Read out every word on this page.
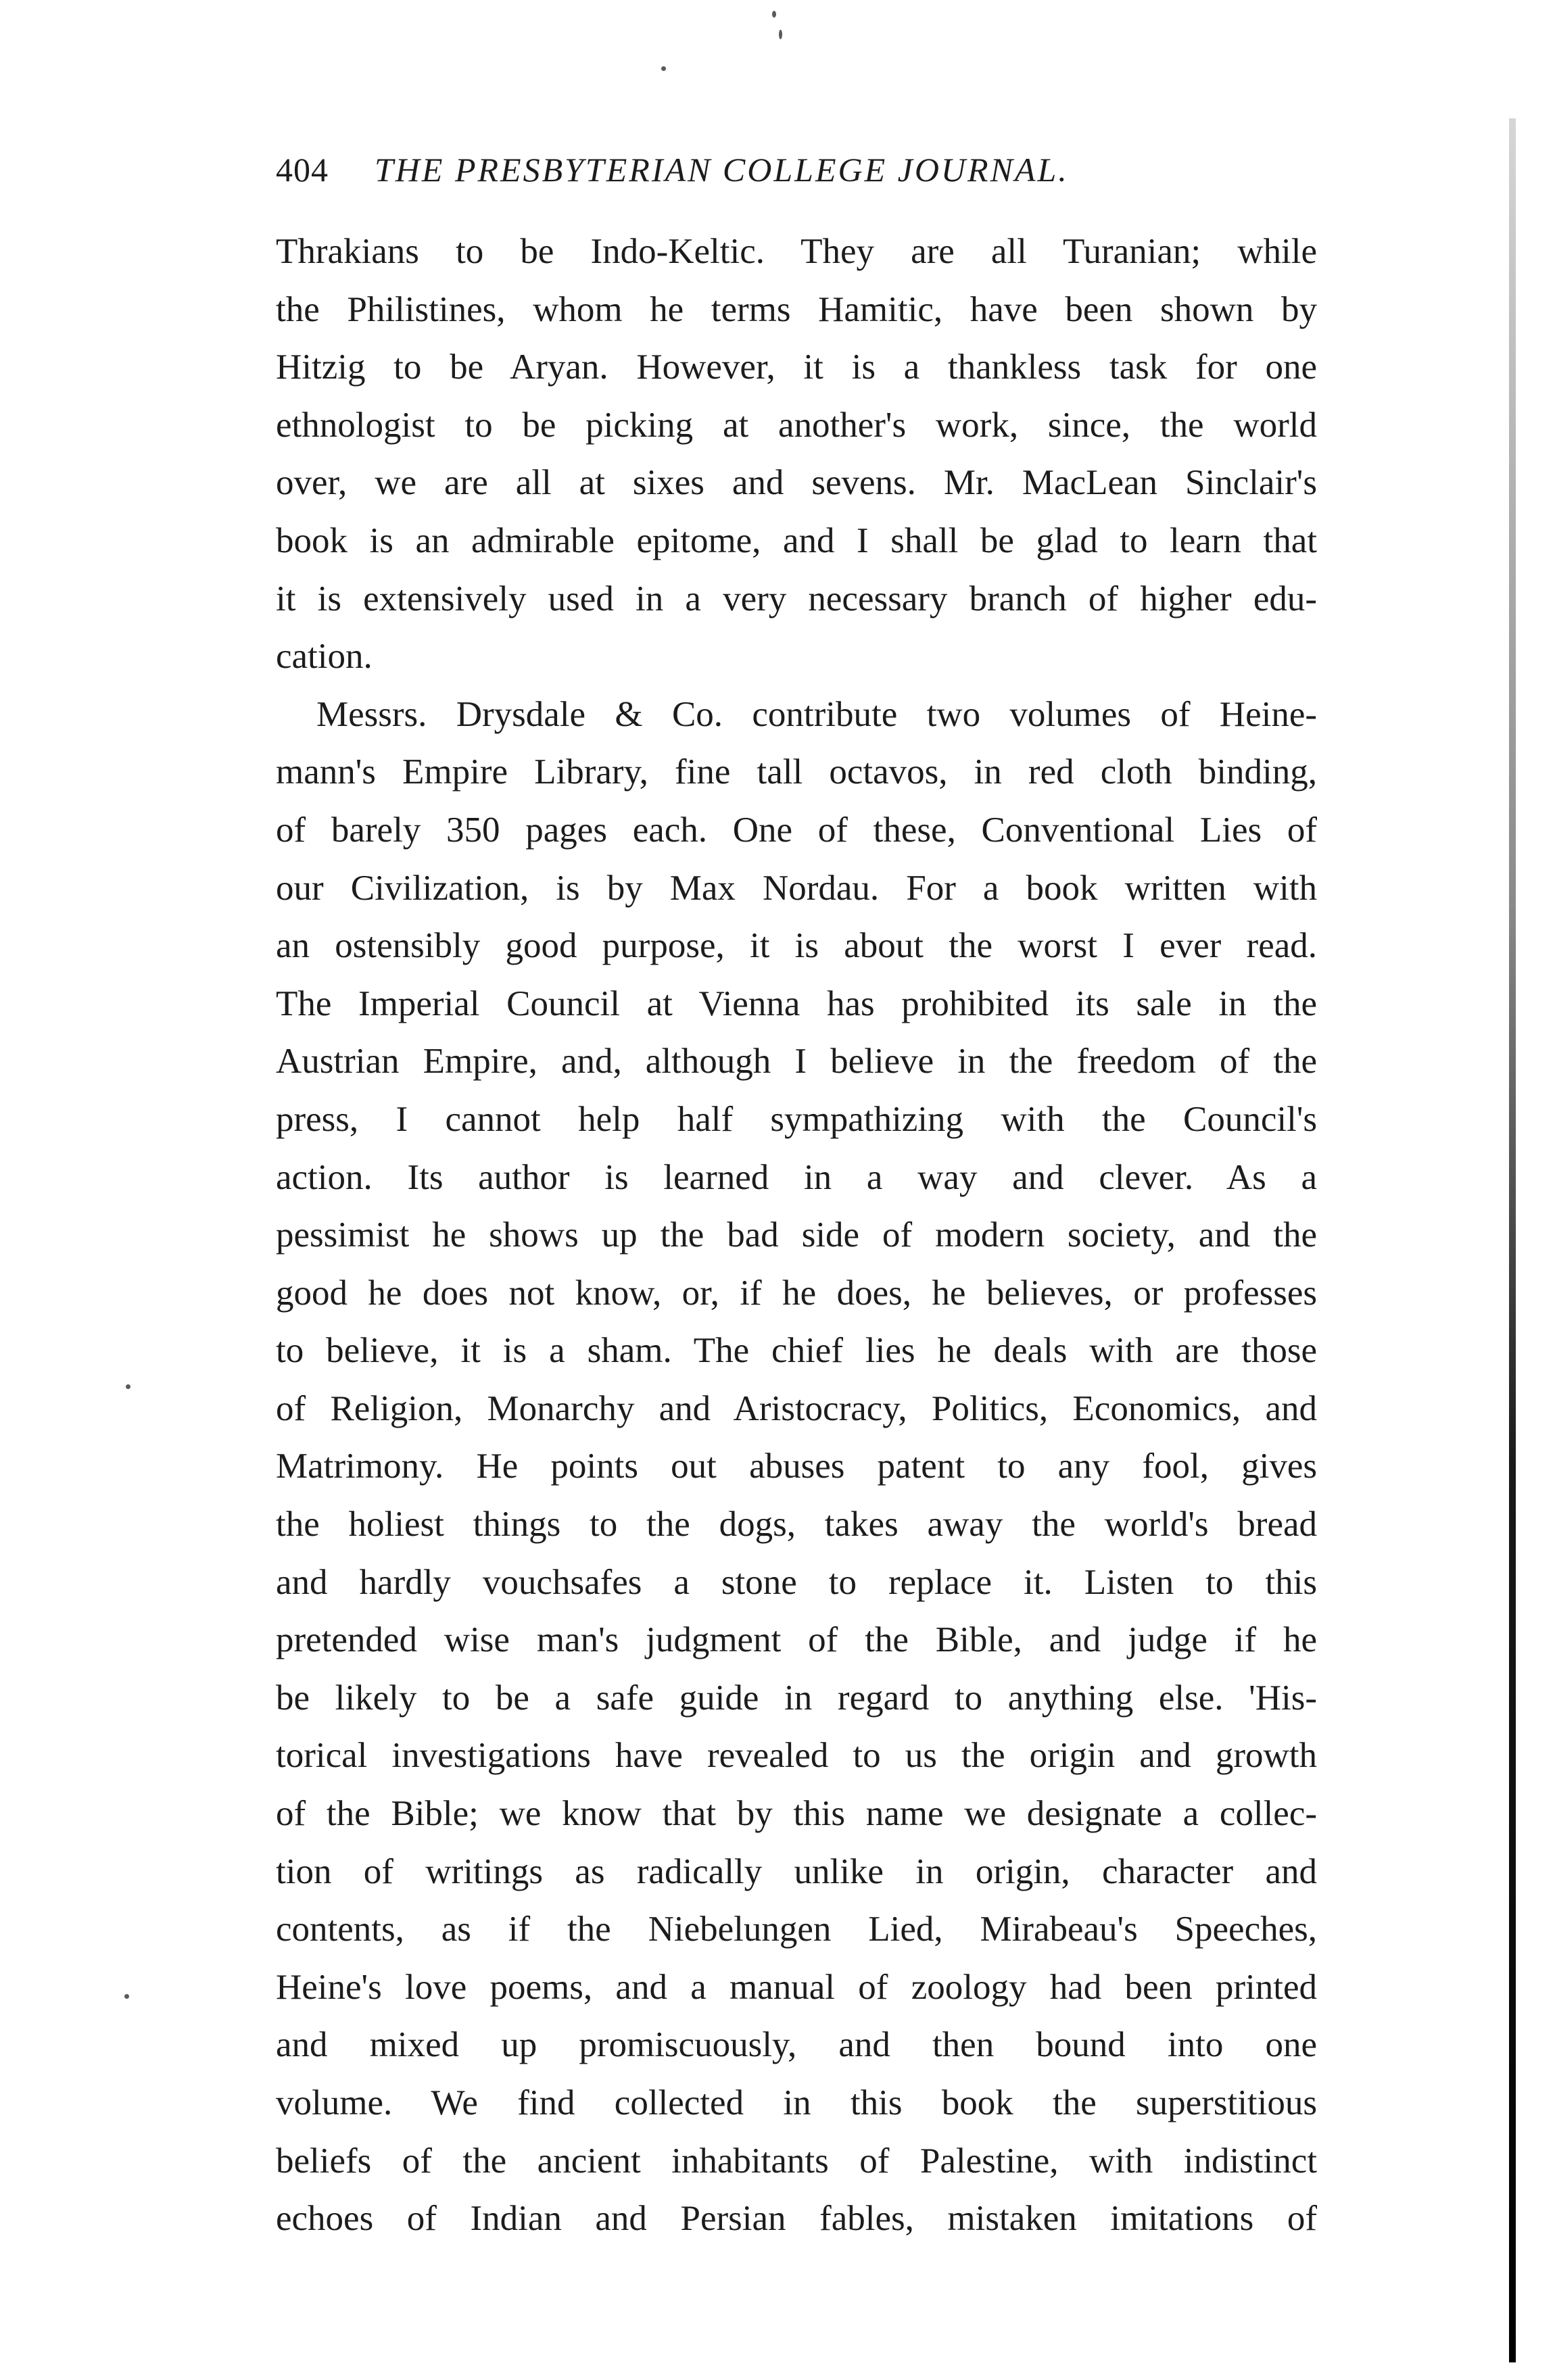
404 THE PRESBYTERIAN COLLEGE JOURNAL.
Thrakians to be Indo-Keltic. They are all Turanian; while
the Philistines, whom he terms Hamitic, have been shown by
Hitzig to be Aryan. However, it is a thankless task for one
ethnologist to be picking at another's work, since, the world
over, we are all at sixes and sevens. Mr. MacLean Sinclair's
book is an admirable epitome, and I shall be glad to learn that
it is extensively used in a very necessary branch of higher edu-
cation.
Messrs. Drysdale & Co. contribute two volumes of Heine-
mann's Empire Library, fine tall octavos, in red cloth binding,
of barely 350 pages each. One of these, Conventional Lies of
our Civilization, is by Max Nordau. For a book written with
an ostensibly good purpose, it is about the worst I ever read.
The Imperial Council at Vienna has prohibited its sale in the
Austrian Empire, and, although I believe in the freedom of the
press, I cannot help half sympathizing with the Council's
action. Its author is learned in a way and clever. As a
pessimist he shows up the bad side of modern society, and the
good he does not know, or, if he does, he believes, or professes
to believe, it is a sham. The chief lies he deals with are those
of Religion, Monarchy and Aristocracy, Politics, Economics, and
Matrimony. He points out abuses patent to any fool, gives
the holiest things to the dogs, takes away the world's bread
and hardly vouchsafes a stone to replace it. Listen to this
pretended wise man's judgment of the Bible, and judge if he
be likely to be a safe guide in regard to anything else. 'His-
torical investigations have revealed to us the origin and growth
of the Bible; we know that by this name we designate a collec-
tion of writings as radically unlike in origin, character and
contents, as if the Niebelungen Lied, Mirabeau's Speeches,
Heine's love poems, and a manual of zoology had been printed
and mixed up promiscuously, and then bound into one
volume. We find collected in this book the superstitious
beliefs of the ancient inhabitants of Palestine, with indistinct
echoes of Indian and Persian fables, mistaken imitations of
